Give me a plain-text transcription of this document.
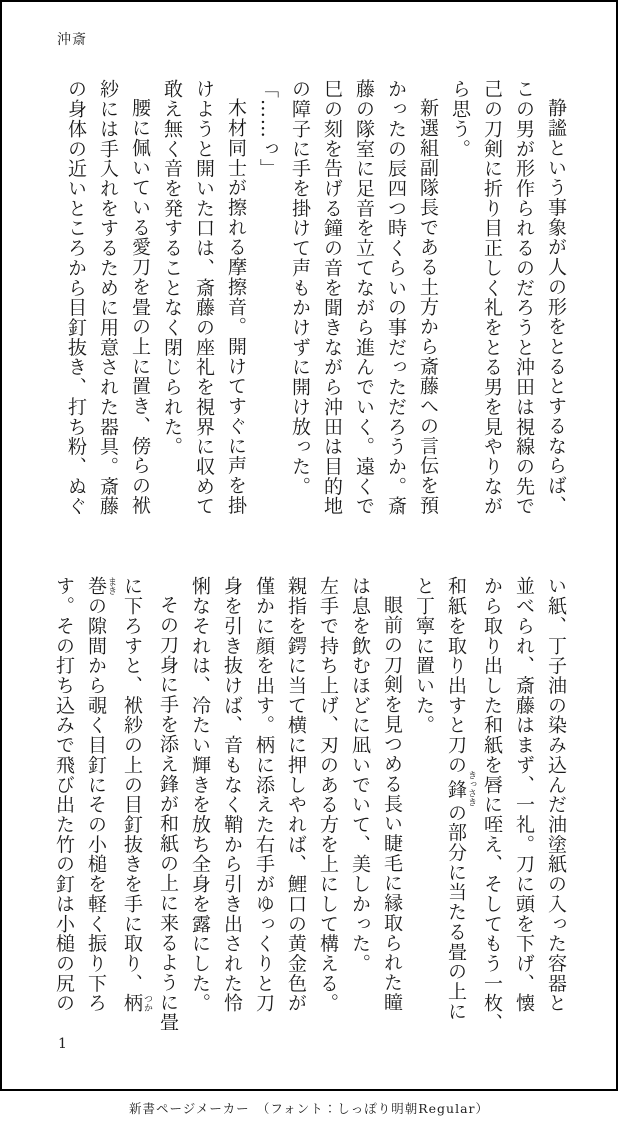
沖斎
静謐という事象が人の形をとるとするならば、
この男が形作られるのだろうと沖田は視線の先で
己の刀剣に折り目正しく礼をとる男を見やりなが
ら思う。
新選組副隊長である土方から斎藤への言伝を預
かったの辰四つ時くらいの事だっただろうか。斎
藤の隊室に足音を立てながら進んでいく。遠くで
巳の刻を告げる鐘の音を聞きながら沖田は目的地
の障子に手を掛けて声もかけずに開け放った。
「……っ」
木材同士が擦れる摩擦音。開けてすぐに声を掛
けようと開いた口は、斎藤の座礼を視界に収めて
敢え無く音を発することなく閉じられた。
腰に佩いている愛刀を畳の上に置き、傍らの袱
紗には手入れをするために用意された器具。斎藤
の身体の近いところから目釘抜き、打ち粉、ぬぐ
い紙、丁子油の染み込んだ油塗紙の入った容器と
並べられ、斎藤はまず、一礼。刀に頭を下げ、懐
から取り出した和紙を唇に咥え、そしてもう一枚、
和紙を取り出すと刀の鋒 きっさきの部分に当たる畳の上に
と丁寧に置いた。
眼前の刀剣を見つめる長い睫毛に縁取られた瞳
は息を飲むほどに凪いでいて、美しかった。
左手で持ち上げ、刃のある方を上にして構える。
親指を鍔に当て横に押しやれば、鯉口の黄金色が
僅かに顔を出す。柄に添えた右手がゆっくりと刀
身を引き抜けば、音もなく鞘から引き出された怜
悧なそれは、冷たい輝きを放ち全身を露にした。
その刀身に手を添え鋒が和紙の上に来るように畳
に下ろすと、袱紗の上の目釘抜きを手に取り、柄 つか
巻 まきの隙間から覗く目釘にその小槌を軽く振り下ろ
す。その打ち込みで飛び出た竹の釘は小槌の尻の
1
新書ページメーカー　（フォント：しっぽり明朝Regular）
